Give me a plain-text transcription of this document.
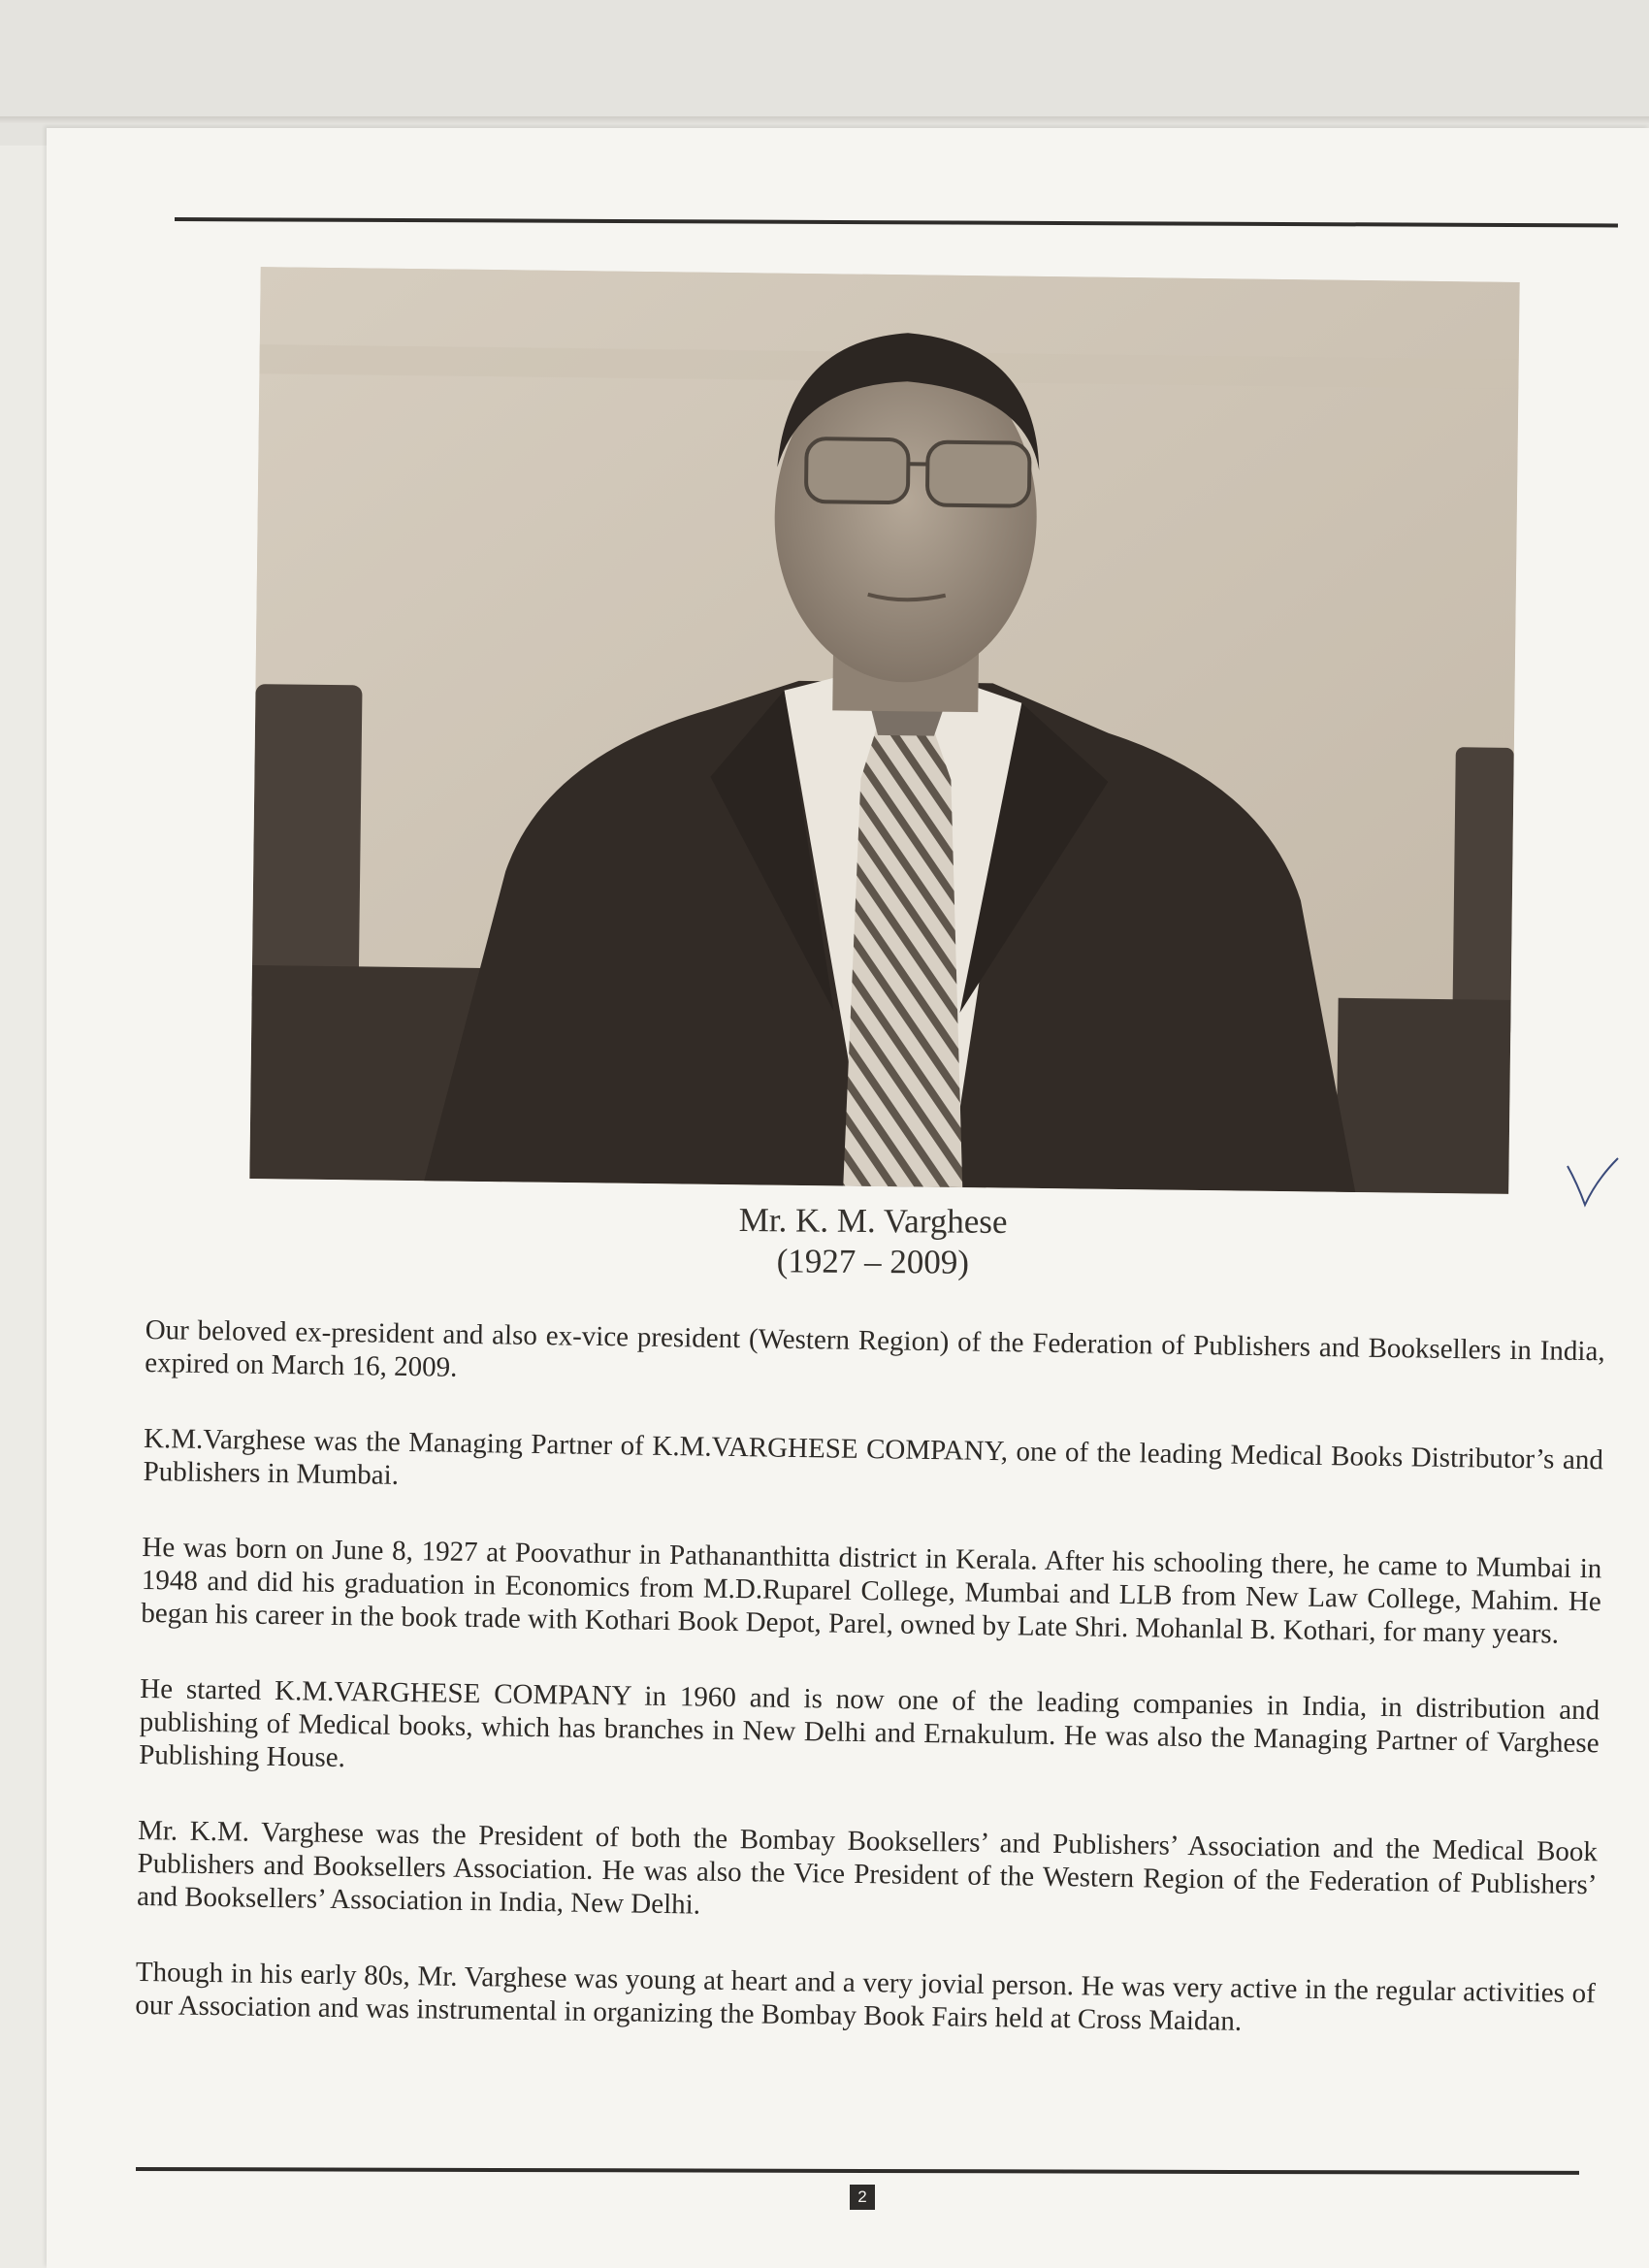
Mr. K. M. Varghese
(1927 – 2009)

Our beloved ex-president and also ex-vice president (Western Region) of the Federation of Publishers and Booksellers in India, expired on March 16, 2009.

K.M.Varghese was the Managing Partner of K.M.VARGHESE COMPANY, one of the leading Medical Books Distributor’s and Publishers in Mumbai.

He was born on June 8, 1927 at Poovathur in Pathananthitta district in Kerala. After his schooling there, he came to Mumbai in 1948 and did his graduation in Economics from M.D.Ruparel College, Mumbai and LLB from New Law College, Mahim. He began his career in the book trade with Kothari Book Depot, Parel, owned by Late Shri. Mohanlal B. Kothari, for many years.

He started K.M.VARGHESE COMPANY in 1960 and is now one of the leading companies in India, in distribution and publishing of Medical books, which has branches in New Delhi and Ernakulum. He was also the Managing Partner of Varghese Publishing House.

Mr. K.M. Varghese was the President of both the Bombay Booksellers’ and Publishers’ Association and the Medical Book Publishers and Booksellers Association. He was also the Vice President of the Western Region of the Federation of Publishers’ and Booksellers’ Association in India, New Delhi.

Though in his early 80s, Mr. Varghese was young at heart and a very jovial person. He was very active in the regular activities of our Association and was instrumental in organizing the Bombay Book Fairs held at Cross Maidan.

2
